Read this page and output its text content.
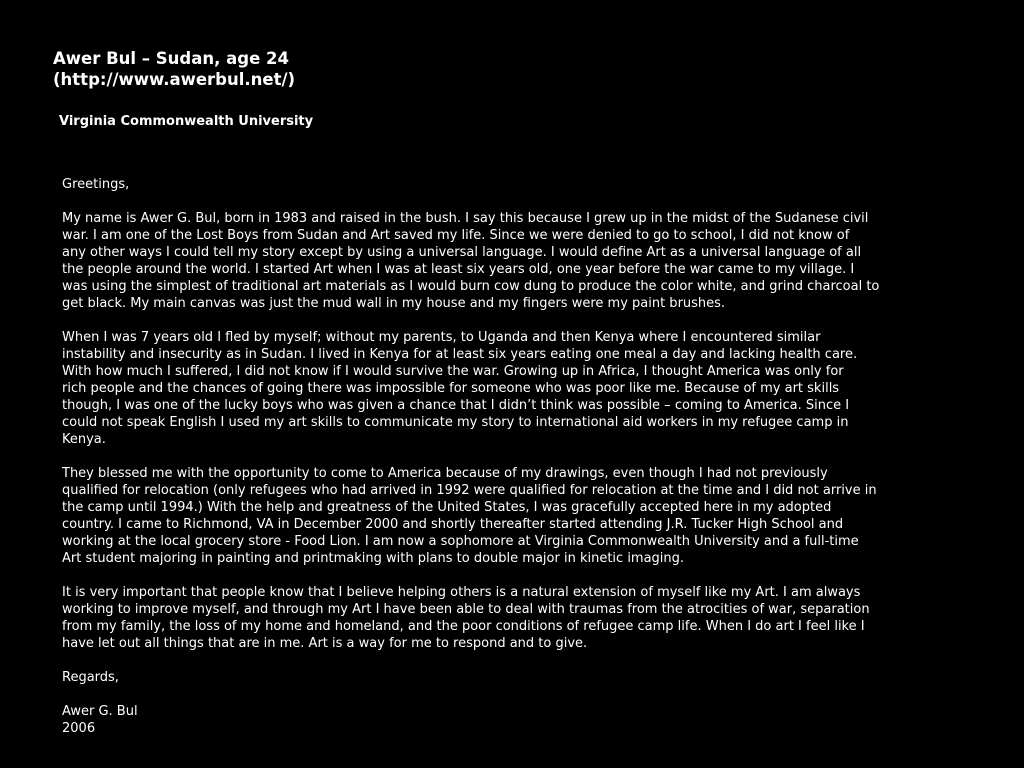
Awer Bul – Sudan, age 24
(http://www.awerbul.net/)
Virginia Commonwealth University

Greetings,

My name is Awer G. Bul, born in 1983 and raised in the bush. I say this because I grew up in the midst of the Sudanese civil
war. I am one of the Lost Boys from Sudan and Art saved my life. Since we were denied to go to school, I did not know of
any other ways I could tell my story except by using a universal language. I would define Art as a universal language of all
the people around the world. I started Art when I was at least six years old, one year before the war came to my village. I
was using the simplest of traditional art materials as I would burn cow dung to produce the color white, and grind charcoal to
get black. My main canvas was just the mud wall in my house and my fingers were my paint brushes.

When I was 7 years old I fled by myself; without my parents, to Uganda and then Kenya where I encountered similar
instability and insecurity as in Sudan. I lived in Kenya for at least six years eating one meal a day and lacking health care.
With how much I suffered, I did not know if I would survive the war. Growing up in Africa, I thought America was only for
rich people and the chances of going there was impossible for someone who was poor like me. Because of my art skills
though, I was one of the lucky boys who was given a chance that I didn’t think was possible – coming to America. Since I
could not speak English I used my art skills to communicate my story to international aid workers in my refugee camp in
Kenya.

They blessed me with the opportunity to come to America because of my drawings, even though I had not previously
qualified for relocation (only refugees who had arrived in 1992 were qualified for relocation at the time and I did not arrive in
the camp until 1994.) With the help and greatness of the United States, I was gracefully accepted here in my adopted
country. I came to Richmond, VA in December 2000 and shortly thereafter started attending J.R. Tucker High School and
working at the local grocery store - Food Lion. I am now a sophomore at Virginia Commonwealth University and a full-time
Art student majoring in painting and printmaking with plans to double major in kinetic imaging.

It is very important that people know that I believe helping others is a natural extension of myself like my Art. I am always
working to improve myself, and through my Art I have been able to deal with traumas from the atrocities of war, separation
from my family, the loss of my home and homeland, and the poor conditions of refugee camp life. When I do art I feel like I
have let out all things that are in me. Art is a way for me to respond and to give.

Regards,

Awer G. Bul
2006
